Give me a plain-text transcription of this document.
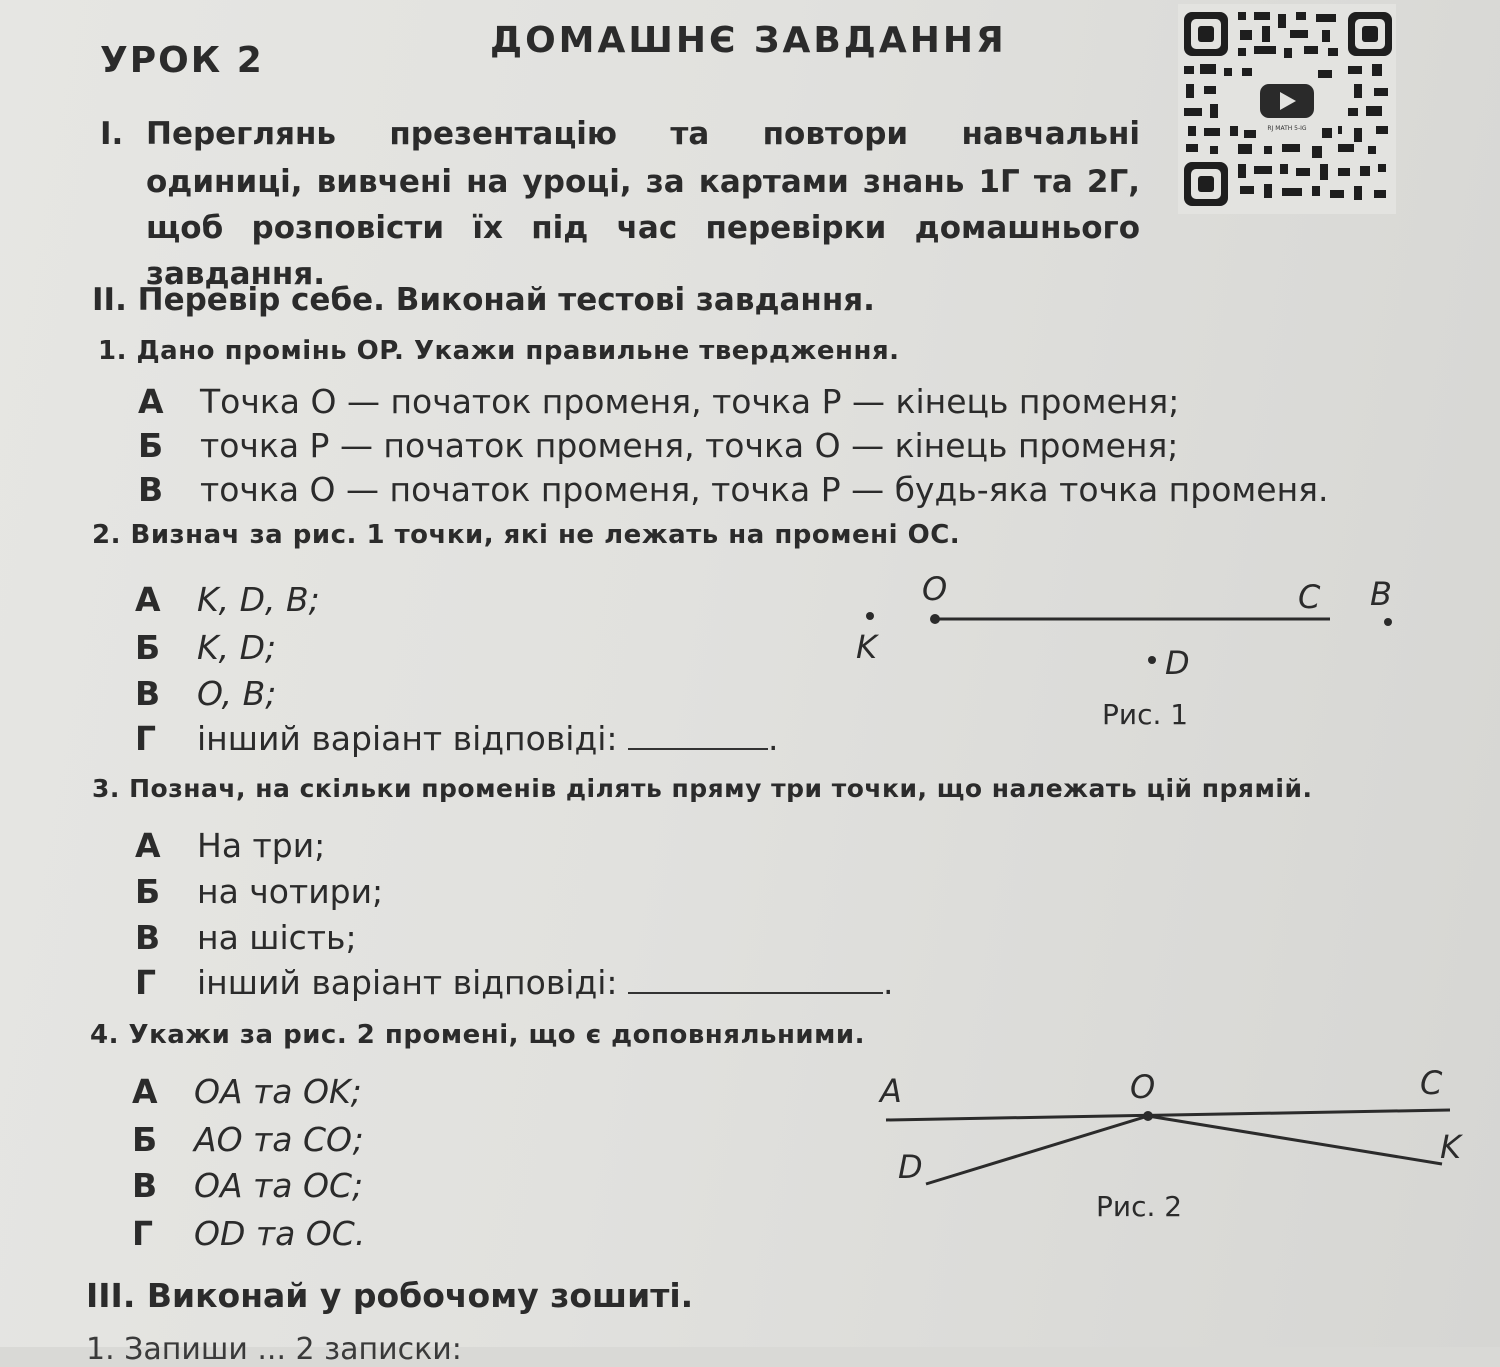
УРОК 2	ДОМАШНЄ ЗАВДАННЯ
RJ MATH 5-IG
I. Переглянь презентацію та повтори навчальні
одиниці, вивчені на уроці, за картами знань 1Г та 2Г,
щоб розповісти їх під час перевірки домашнього
завдання.
II. Перевір себе. Виконай тестові завдання.
1. Дано промінь OP. Укажи правильне твердження.
А Точка O — початок променя, точка P — кінець променя;
Б точка P — початок променя, точка O — кінець променя;
В точка O — початок променя, точка P — будь-яка точка променя.
2. Визнач за рис. 1 точки, які не лежать на промені OC.
А K, D, B;
Б K, D;
В O, B;
Г інший варіант відповіді:	.
O	C B
K	D
Рис. 1
3. Познач, на скільки променів ділять пряму три точки, що належать цій прямій.
А На три;
Б на чотири;
В на шість;
Г інший варіант відповіді:	.
4. Укажи за рис. 2 промені, що є доповняльними.
А OA та OK;
Б AO та CO;
В OA та OC;
Г OD та OC.
A	O	C
D
K
Рис. 2
III. Виконай у робочому зошиті.
1. Запиши ... 2 записки:
